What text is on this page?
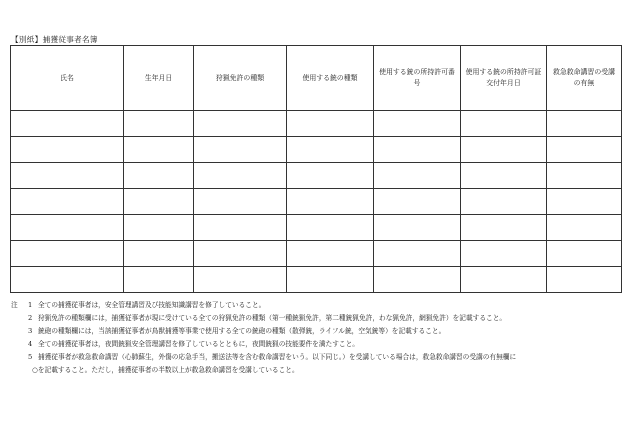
【別紙】捕獲従事者名簿
氏名	生年月日	狩猟免許の種類	使用する銃の種類	使用する銃の所持許可番号	使用する銃の所持許可証交付年月日	救急救命講習の受講の有無

注 1 全ての捕獲従事者は，安全管理講習及び技能知識講習を修了していること。
2 狩猟免許の種類欄には，捕獲従事者が現に受けている全ての狩猟免許の種類（第一種銃猟免許，第二種銃猟免許，わな猟免許，網猟免許）を記載すること。
3 銃砲の種類欄には，当該捕獲従事者が鳥獣捕獲等事業で使用する全ての銃砲の種類（散弾銃，ライフル銃，空気銃等）を記載すること。
4 全ての捕獲従事者は，夜間銃猟安全管理講習を修了しているとともに，夜間銃猟の技能要件を満たすこと。
5 捕獲従事者が救急救命講習（心肺蘇生，外傷の応急手当，搬送法等を含む救命講習をいう。以下同じ。）を受講している場合は，救急救命講習の受講の有無欄に
○を記載すること。ただし，捕獲従事者の半数以上が救急救命講習を受講していること。
